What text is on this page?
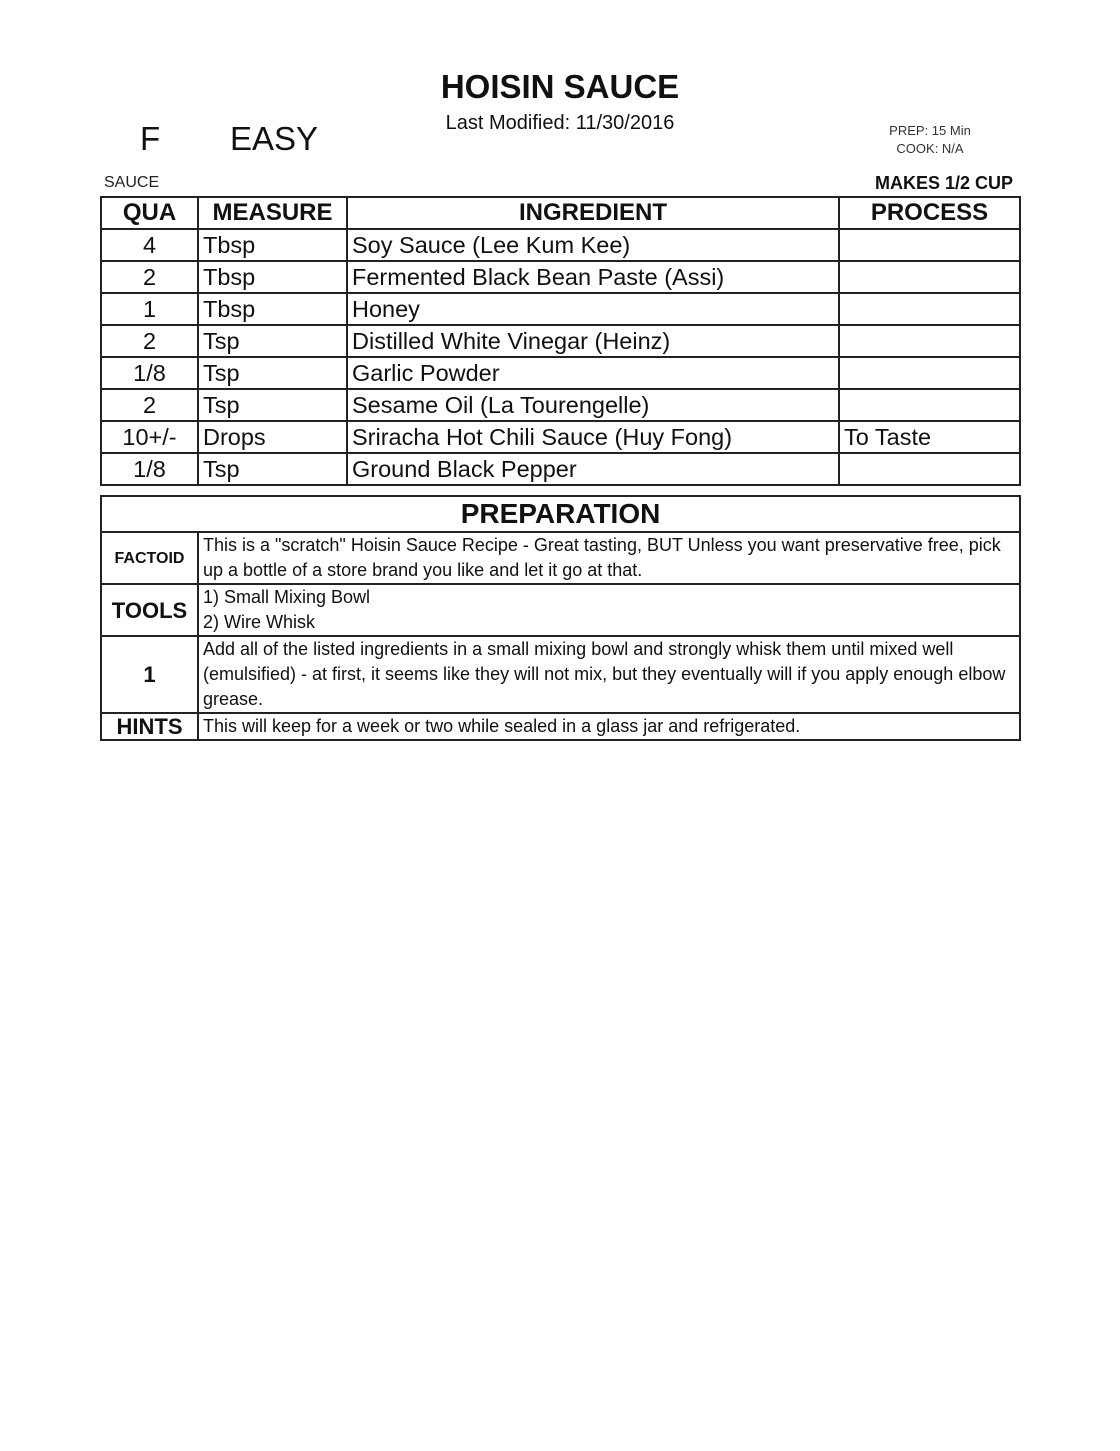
HOISIN SAUCE
Last Modified: 11/30/2016
F EASY	PREP: 15 Min
COOK: N/A
SAUCE	MAKES 1/2 CUP
QUA	MEASURE	INGREDIENT	PROCESS
4	Tbsp	Soy Sauce (Lee Kum Kee)	
2	Tbsp	Fermented Black Bean Paste (Assi)	
1	Tbsp	Honey	
2	Tsp	Distilled White Vinegar (Heinz)	
1/8	Tsp	Garlic Powder	
2	Tsp	Sesame Oil (La Tourengelle)	
10+/-	Drops	Sriracha Hot Chili Sauce (Huy Fong)	To Taste
1/8	Tsp	Ground Black Pepper	
PREPARATION	
FACTOID	This is a "scratch" Hoisin Sauce Recipe - Great tasting, BUT Unless you want preservative free, pick up a bottle of a store brand you like and let it go at that.
TOOLS	1) Small Mixing Bowl
2) Wire Whisk

1	Add all of the listed ingredients in a small mixing bowl and strongly whisk them until mixed well (emulsified) - at first, it seems like they will not mix, but they eventually will if you apply enough elbow grease.
HINTS	This will keep for a week or two while sealed in a glass jar and refrigerated.
